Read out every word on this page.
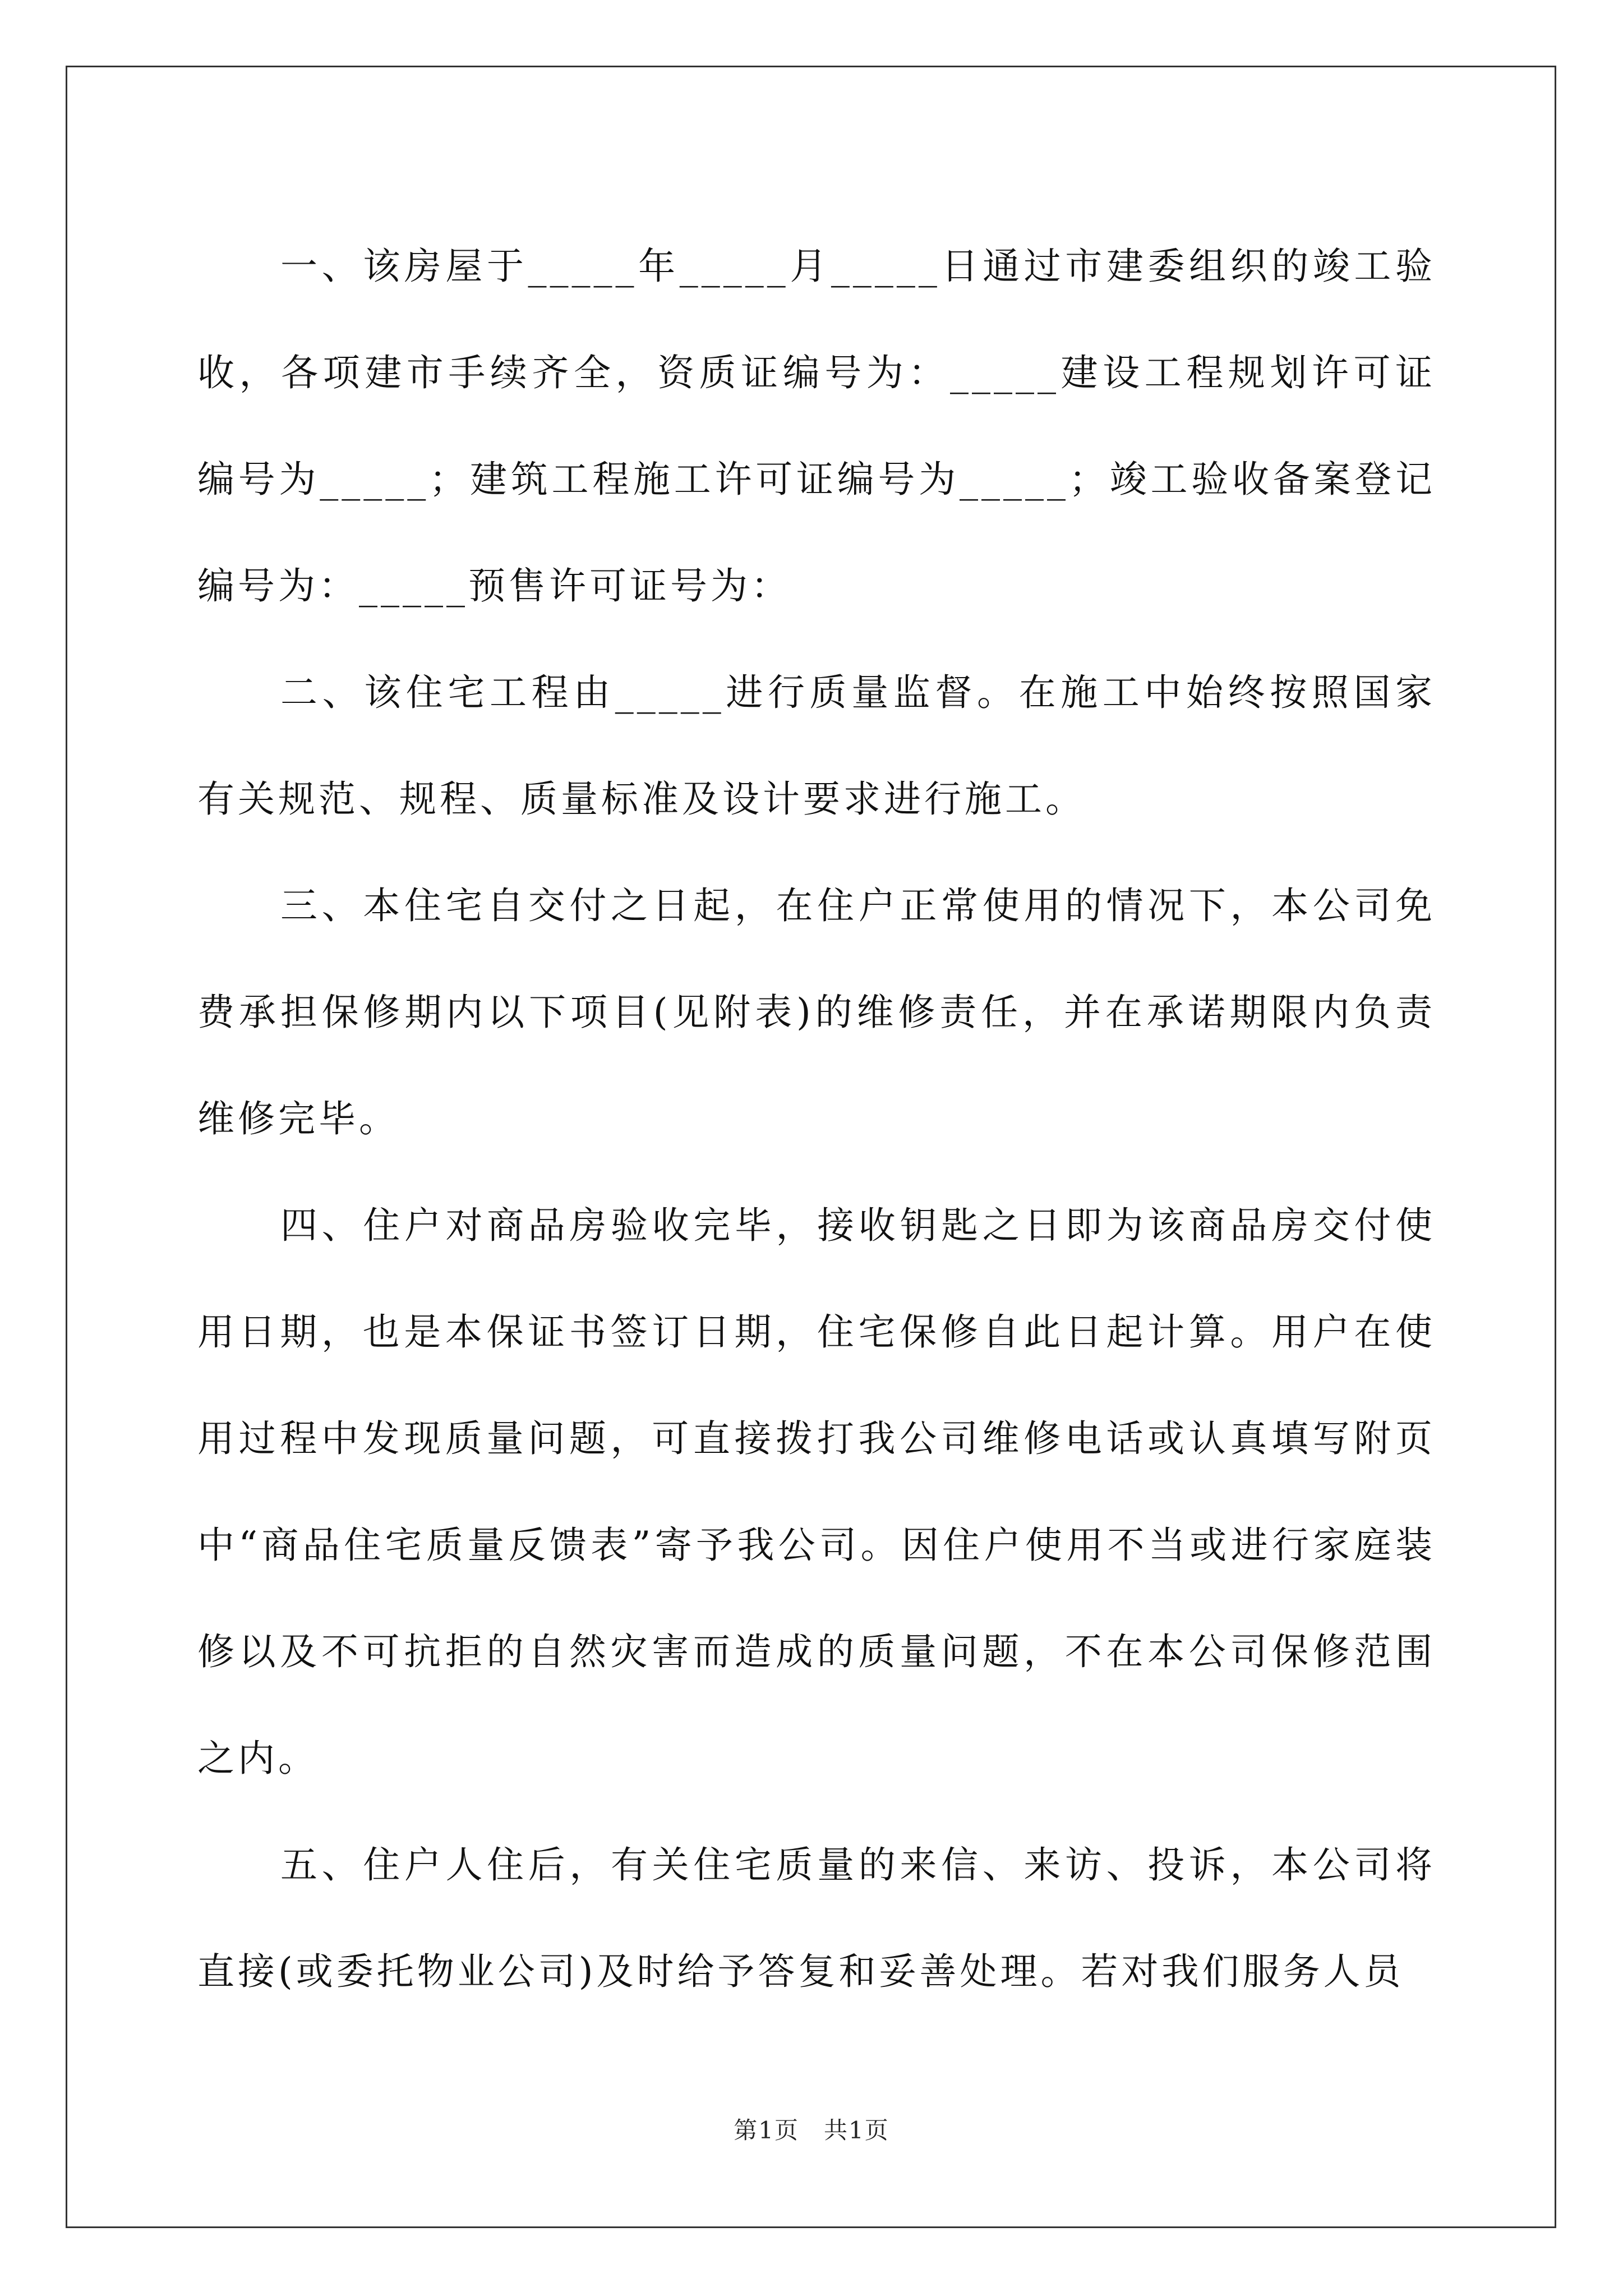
一、该房屋于_____年_____月_____日通过市建委组织的竣工验收，各项建市手续齐全，资质证编号为：_____建设工程规划许可证编号为_____；建筑工程施工许可证编号为_____；竣工验收备案登记编号为：_____预售许可证号为：

二、该住宅工程由_____进行质量监督。在施工中始终按照国家有关规范、规程、质量标准及设计要求进行施工。

三、本住宅自交付之日起，在住户正常使用的情况下，本公司免费承担保修期内以下项目(见附表)的维修责任，并在承诺期限内负责维修完毕。

四、住户对商品房验收完毕，接收钥匙之日即为该商品房交付使用日期，也是本保证书签订日期，住宅保修自此日起计算。用户在使用过程中发现质量问题，可直接拨打我公司维修电话或认真填写附页中“商品住宅质量反馈表”寄予我公司。因住户使用不当或进行家庭装修以及不可抗拒的自然灾害而造成的质量问题，不在本公司保修范围之内。

五、住户人住后，有关住宅质量的来信、来访、投诉，本公司将直接(或委托物业公司)及时给予答复和妥善处理。若对我们服务人员

第1页　共1页
